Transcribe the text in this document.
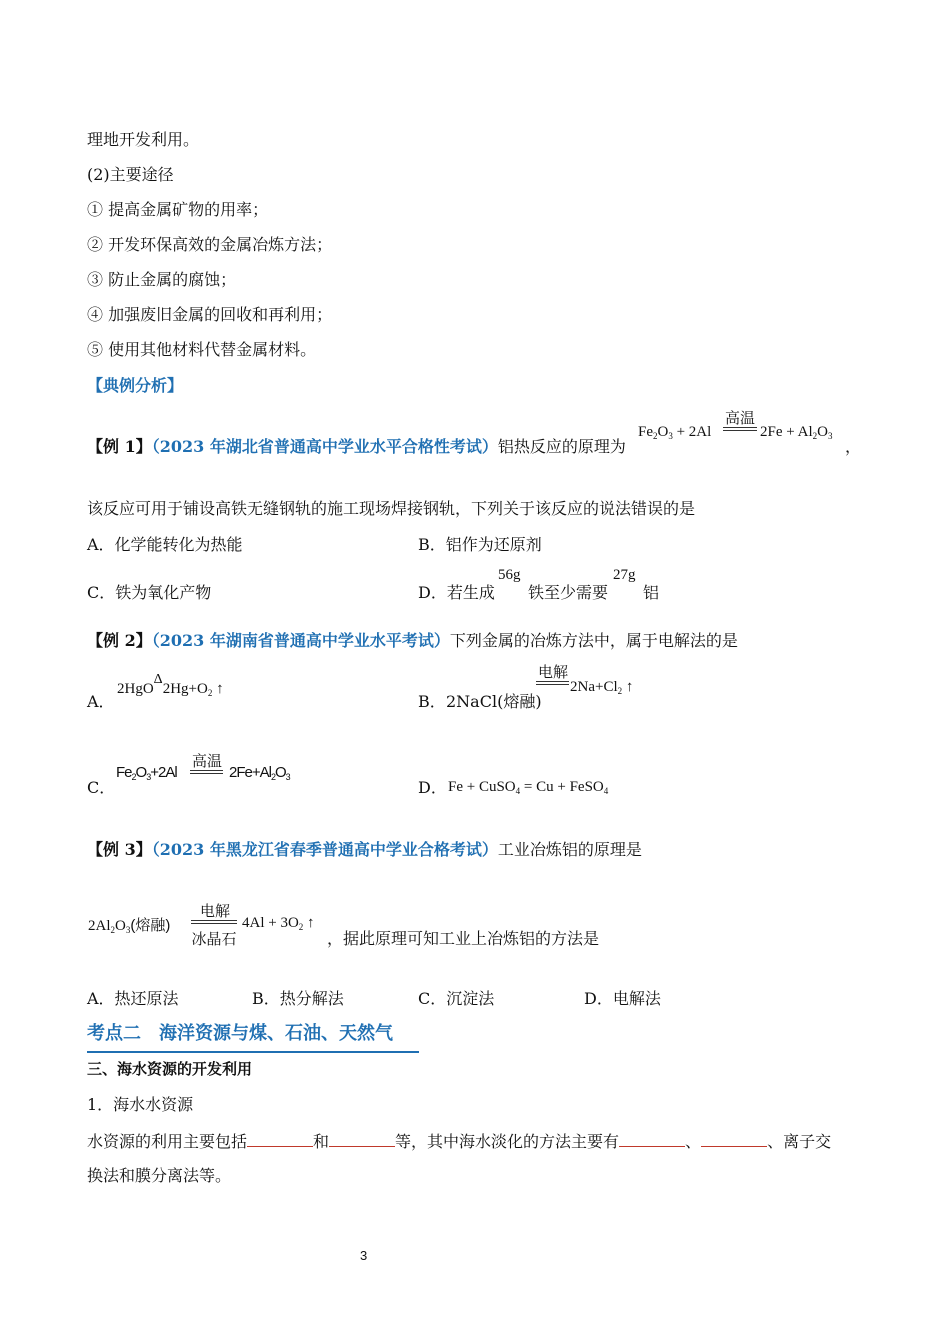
理地开发利用。
(2)主要途径
① 提高金属矿物的用率；
② 开发环保高效的金属冶炼方法；
③ 防止金属的腐蚀；
④ 加强废旧金属的回收和再利用；
⑤ 使用其他材料代替金属材料。
【典例分析】
【例 1】（2023 年湖北省普通高中学业水平合格性考试）铝热反应的原理为
$Fe_2O_3 + 2Al$
高温
$2Fe + Al_2O_3$
，
该反应可用于铺设高铁无缝钢轨的施工现场焊接钢轨，下列关于该反应的说法错误的是
A．化学能转化为热能	B．铝作为还原剂
C．铁为氧化产物	D．若生成
56g
铁至少需要
27g
铝
【例 2】（2023 年湖南省普通高中学业水平考试）下列金属的冶炼方法中，属于电解法的是
A．
$2HgO\Delta 2Hg+O_2$ ↑
B． 2NaCl(熔融)
电解
$2Na+Cl_2$ ↑
C．
$Fe_2O_3+2Al$
高温
$2Fe+Al_2O_3$
D． Fe + CuSO$_4$ = Cu + FeSO$_4$
【例 3】（2023 年黑龙江省春季普通高中学业合格考试）工业冶炼铝的原理是
$2Al_2O_3$(熔融)
电解
冰晶石
$4Al + 3O_2$ ↑
，据此原理可知工业上冶炼铝的方法是
A．热还原法	B．热分解法	C．沉淀法	D．电解法
考点二　海洋资源与煤、石油、天然气
三、海水资源的开发利用
1．海水水资源
水资源的利用主要包括	和	等，其中海水淡化的方法主要有	、	、离子交
换法和膜分离法等。
3
